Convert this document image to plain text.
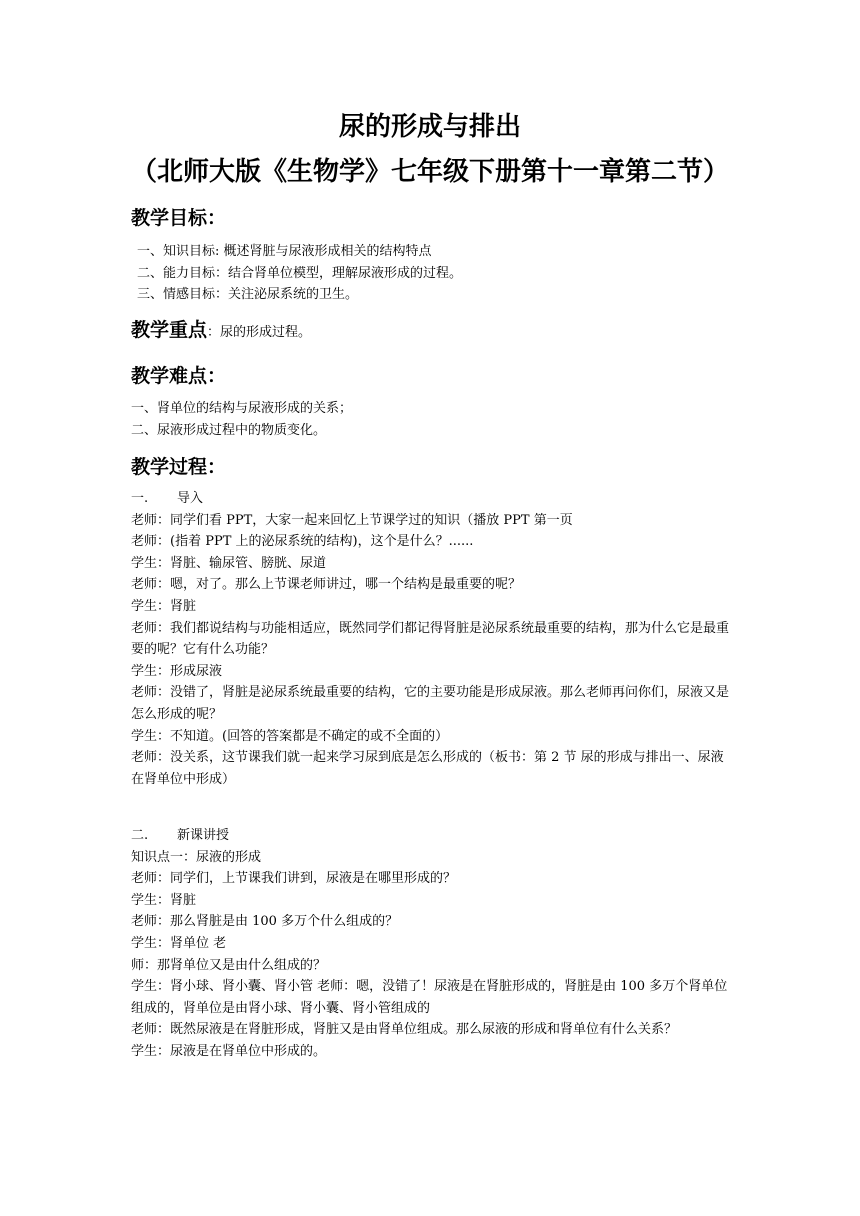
尿的形成与排出
（北师大版《生物学》七年级下册第十一章第二节）
教学目标：

一、知识目标: 概述肾脏与尿液形成相关的结构特点

二、能力目标：结合肾单位模型，理解尿液形成的过程。

三、情感目标：关注泌尿系统的卫生。

教学重点：尿的形成过程。
教学难点：

一、肾单位的结构与尿液形成的关系；

二、尿液形成过程中的物质变化。

教学过程：

一. 导入

老师：同学们看 PPT，大家一起来回忆上节课学过的知识（播放 PPT 第一页

老师：(指着 PPT 上的泌尿系统的结构)，这个是什么？......

学生：肾脏、输尿管、膀胱、尿道

老师：嗯，对了。那么上节课老师讲过，哪一个结构是最重要的呢？

学生：肾脏

老师：我们都说结构与功能相适应，既然同学们都记得肾脏是泌尿系统最重要的结构，那为什么它是最重要的呢？它有什么功能？

学生：形成尿液

老师：没错了，肾脏是泌尿系统最重要的结构，它的主要功能是形成尿液。那么老师再问你们，尿液又是怎么形成的呢？

学生：不知道。(回答的答案都是不确定的或不全面的）

老师：没关系，这节课我们就一起来学习尿到底是怎么形成的（板书：第 2 节 尿的形成与排出一、尿液在肾单位中形成）

二. 新课讲授

知识点一：尿液的形成

老师：同学们，上节课我们讲到，尿液是在哪里形成的？

学生：肾脏

老师：那么肾脏是由 100 多万个什么组成的？

学生：肾单位 老

师：那肾单位又是由什么组成的？

学生：肾小球、肾小囊、肾小管 老师：嗯，没错了！尿液是在肾脏形成的，肾脏是由 100 多万个肾单位组成的，肾单位是由肾小球、肾小囊、肾小管组成的

老师：既然尿液是在肾脏形成，肾脏又是由肾单位组成。那么尿液的形成和肾单位有什么关系？

学生：尿液是在肾单位中形成的。
